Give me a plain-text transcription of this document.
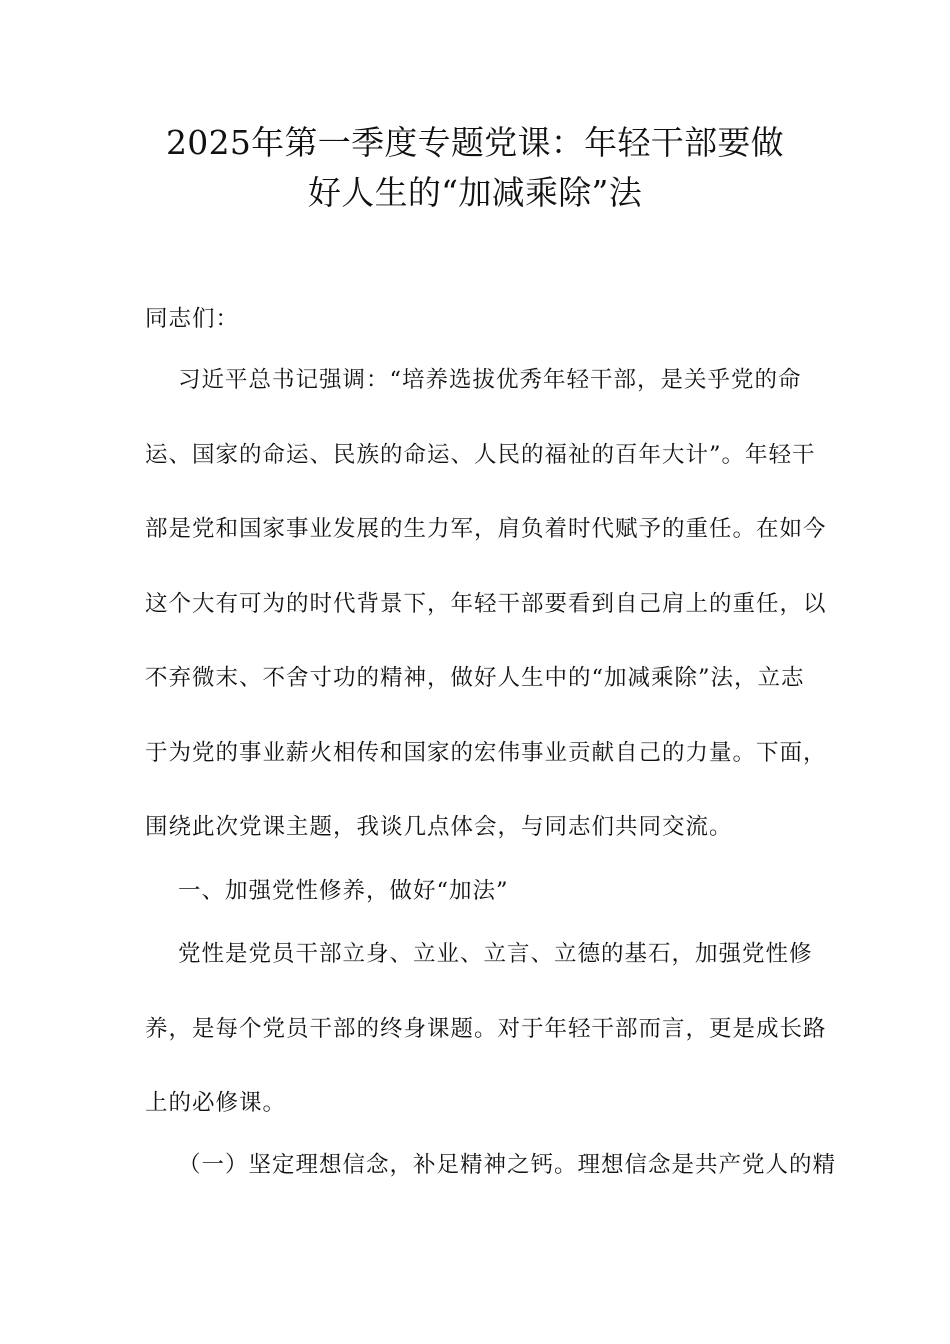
2025年第一季度专题党课：年轻干部要做
好人生的“加减乘除”法

同志们：

习近平总书记强调：“培养选拔优秀年轻干部，是关乎党的命
运、国家的命运、民族的命运、人民的福祉的百年大计”。年轻干
部是党和国家事业发展的生力军，肩负着时代赋予的重任。在如今
这个大有可为的时代背景下，年轻干部要看到自己肩上的重任，以
不弃微末、不舍寸功的精神，做好人生中的“加减乘除”法，立志
于为党的事业薪火相传和国家的宏伟事业贡献自己的力量。下面，
围绕此次党课主题，我谈几点体会，与同志们共同交流。

一、加强党性修养，做好“加法”

党性是党员干部立身、立业、立言、立德的基石，加强党性修
养，是每个党员干部的终身课题。对于年轻干部而言，更是成长路
上的必修课。

（一）坚定理想信念，补足精神之钙。理想信念是共产党人的精
